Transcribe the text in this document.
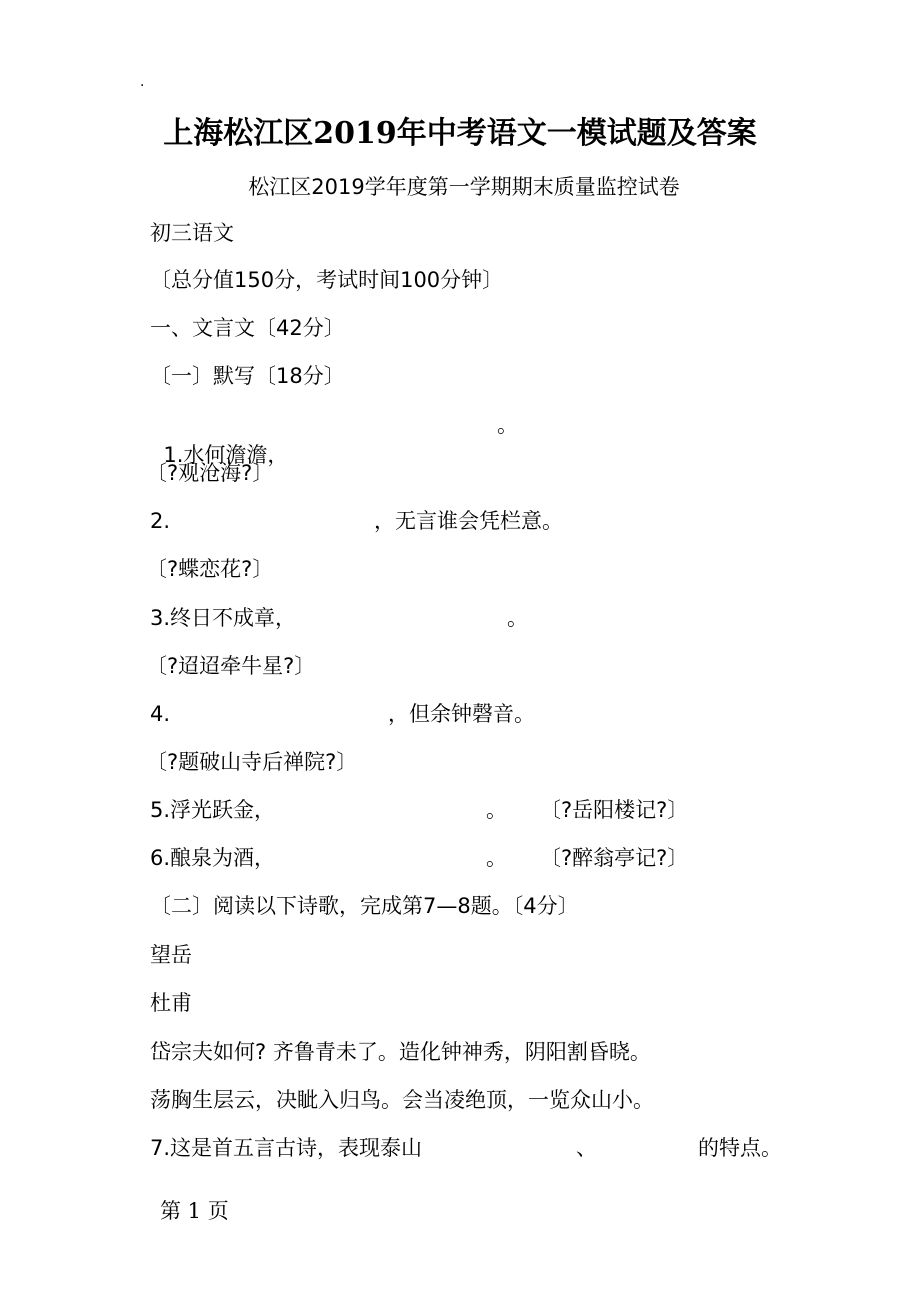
·
上海松江区2019年中考语文一模试题及答案
松江区2019学年度第一学期期末质量监控试卷
初三语文
〔总分值150分，考试时间100分钟〕
一、文言文〔42分〕
〔一〕默写〔18分〕

1.水何澹澹，

。
〔?观沧海?〕
2.	，无言谁会凭栏意。
〔?蝶恋花?〕
3.终日不成章，	。
〔?迢迢牵牛星?〕
4.	，但余钟磬音。
〔?题破山寺后禅院?〕
5.浮光跃金，	。 〔?岳阳楼记?〕
6.酿泉为酒，	。 〔?醉翁亭记?〕
〔二〕阅读以下诗歌，完成第7—8题。〔4分〕
望岳
杜甫
岱宗夫如何? 齐鲁青未了。造化钟神秀，阴阳割昏晓。
荡胸生层云，决眦入归鸟。会当凌绝顶，一览众山小。
7.这是首五言古诗，表现泰山	、	的特点。
第 1 页
